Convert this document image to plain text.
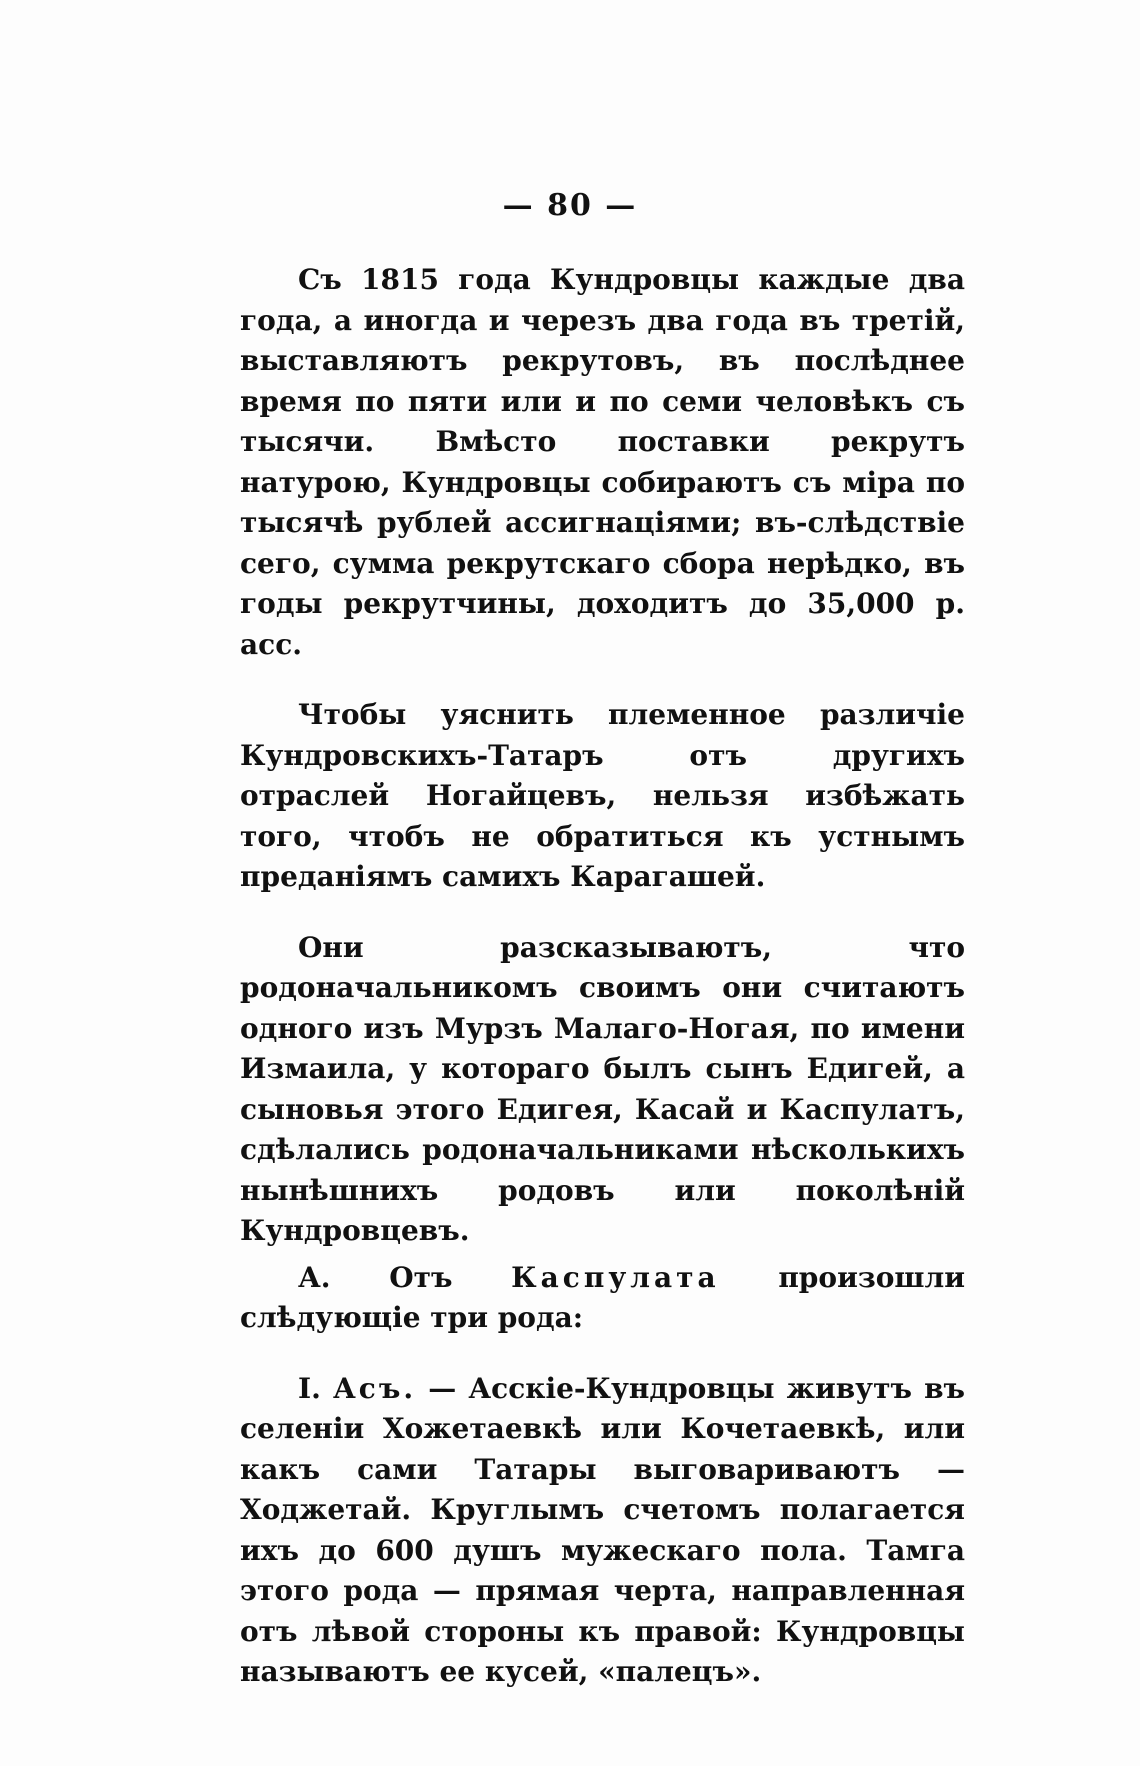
— 80 —

Съ 1815 года Кундровцы каждые два года, а иногда и черезъ два года въ третій, выставляютъ рекрутовъ, въ послѣднее время по пяти или и по семи человѣкъ съ тысячи. Вмѣсто поставки рекрутъ натурою, Кундровцы собираютъ съ міра по тысячѣ рублей ассигнаціями; въ-слѣдствіе сего, сумма рекрутскаго сбора нерѣдко, въ годы рекрутчины, доходитъ до 35,000 р. асс.

Чтобы уяснить племенное различіе Кундровскихъ-Татаръ отъ другихъ отраслей Ногайцевъ, нельзя избѣжать того, чтобъ не обратиться къ устнымъ преданіямъ самихъ Карагашей.

Они разсказываютъ, что родоначальникомъ своимъ они считаютъ одного изъ Мурзъ Малаго-Ногая, по имени Измаила, у котораго былъ сынъ Едигей, а сыновья этого Едигея, Касай и Каспулатъ, сдѣлались родоначальниками нѣсколькихъ нынѣшнихъ родовъ или поколѣній Кундровцевъ.

А. Отъ Каспулата произошли слѣдующіе три рода:

I. Асъ. — Асскіе-Кундровцы живутъ въ селеніи Хожетаевкѣ или Кочетаевкѣ, или какъ сами Татары выговариваютъ — Ходжетай. Круглымъ счетомъ полагается ихъ до 600 душъ мужескаго пола. Тамга этого рода — прямая черта, направленная отъ лѣвой стороны къ правой: Кундровцы называютъ ее кусей, «палецъ».
